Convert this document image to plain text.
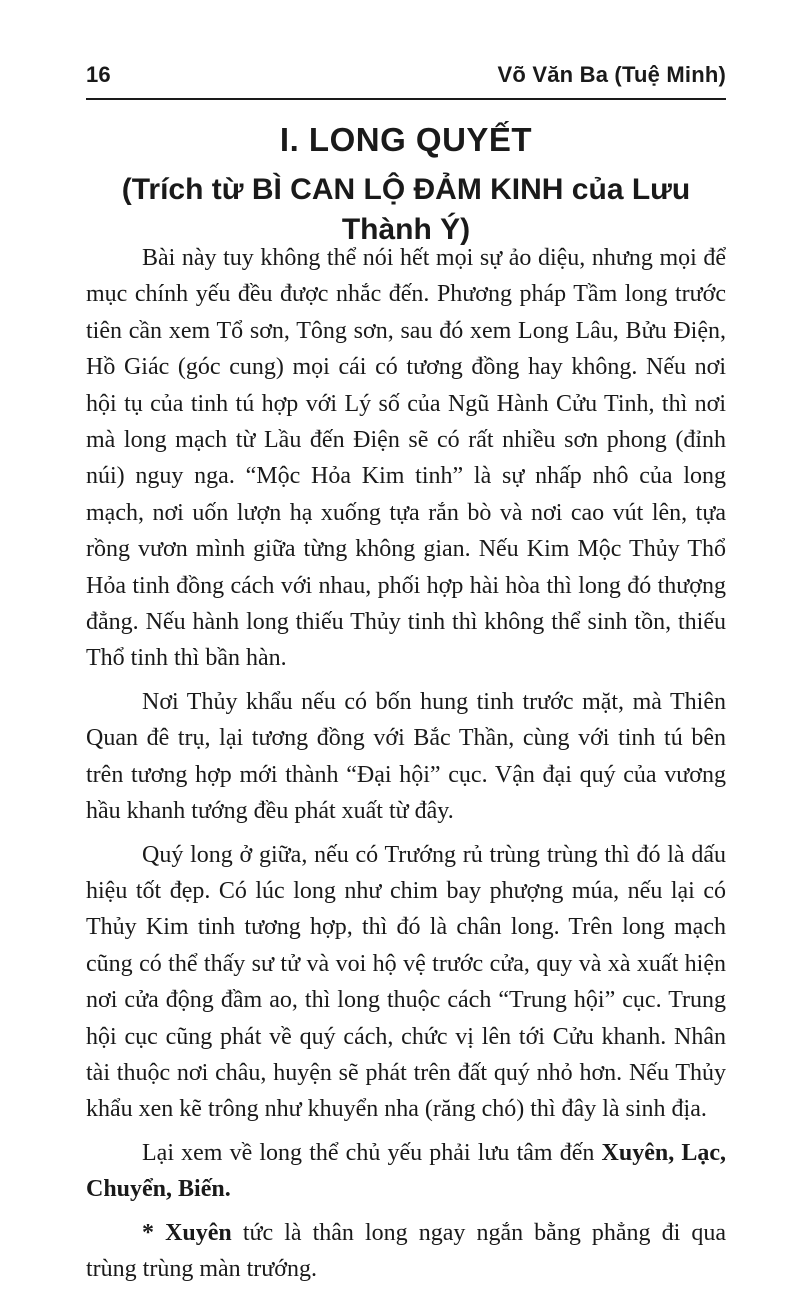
16	Võ Văn Ba (Tuệ Minh)
I. LONG QUYẾT
(Trích từ BÌ CAN LỘ ĐẢM KINH của Lưu Thành Ý)

Bài này tuy không thể nói hết mọi sự ảo diệu, nhưng mọi để mục chính yếu đều được nhắc đến. Phương pháp Tầm long trước tiên cần xem Tổ sơn, Tông sơn, sau đó xem Long Lâu, Bửu Điện, Hồ Giác (góc cung) mọi cái có tương đồng hay không. Nếu nơi hội tụ của tinh tú hợp với Lý số của Ngũ Hành Cửu Tinh, thì nơi mà long mạch từ Lầu đến Điện sẽ có rất nhiều sơn phong (đỉnh núi) nguy nga. “Mộc Hỏa Kim tinh” là sự nhấp nhô của long mạch, nơi uốn lượn hạ xuống tựa rắn bò và nơi cao vút lên, tựa rồng vươn mình giữa từng không gian. Nếu Kim Mộc Thủy Thổ Hỏa tinh đồng cách với nhau, phối hợp hài hòa thì long đó thượng đẳng. Nếu hành long thiếu Thủy tinh thì không thể sinh tồn, thiếu Thổ tinh thì bần hàn.

Nơi Thủy khẩu nếu có bốn hung tinh trước mặt, mà Thiên Quan đê trụ, lại tương đồng với Bắc Thần, cùng với tinh tú bên trên tương hợp mới thành “Đại hội” cục. Vận đại quý của vương hầu khanh tướng đều phát xuất từ đây.

Quý long ở giữa, nếu có Trướng rủ trùng trùng thì đó là dấu hiệu tốt đẹp. Có lúc long như chim bay phượng múa, nếu lại có Thủy Kim tinh tương hợp, thì đó là chân long. Trên long mạch cũng có thể thấy sư tử và voi hộ vệ trước cửa, quy và xà xuất hiện nơi cửa động đầm ao, thì long thuộc cách “Trung hội” cục. Trung hội cục cũng phát về quý cách, chức vị lên tới Cửu khanh. Nhân tài thuộc nơi châu, huyện sẽ phát trên đất quý nhỏ hơn. Nếu Thủy khẩu xen kẽ trông như khuyển nha (răng chó) thì đây là sinh địa.

Lại xem về long thể chủ yếu phải lưu tâm đến Xuyên, Lạc, Chuyển, Biến.

* Xuyên tức là thân long ngay ngắn bằng phẳng đi qua trùng trùng màn trướng.
